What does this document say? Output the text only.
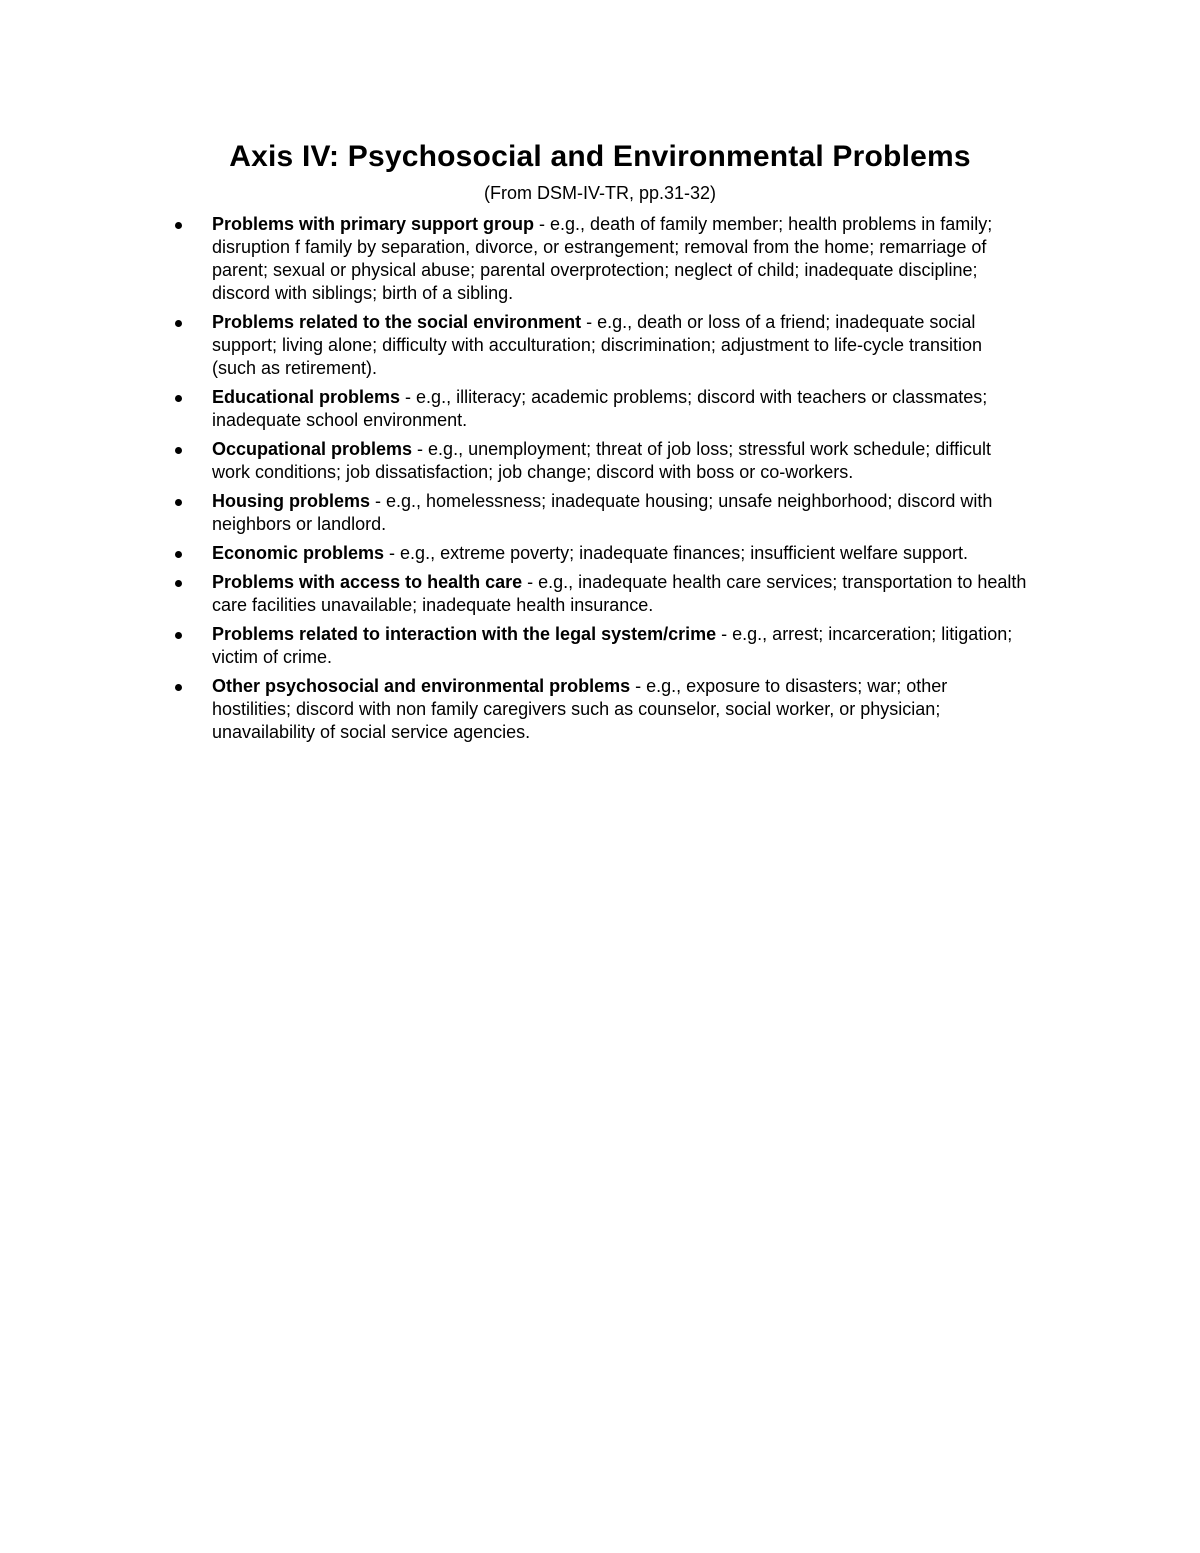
Axis IV: Psychosocial and Environmental Problems

(From DSM-IV-TR, pp.31-32)

Problems with primary support group - e.g., death of family member; health problems in family; disruption f family by separation, divorce, or estrangement; removal from the home; remarriage of parent; sexual or physical abuse; parental overprotection; neglect of child; inadequate discipline; discord with siblings; birth of a sibling.
Problems related to the social environment - e.g., death or loss of a friend; inadequate social support; living alone; difficulty with acculturation; discrimination; adjustment to life-cycle transition (such as retirement).
Educational problems - e.g., illiteracy; academic problems; discord with teachers or classmates; inadequate school environment.
Occupational problems - e.g., unemployment; threat of job loss; stressful work schedule; difficult work conditions; job dissatisfaction; job change; discord with boss or co-workers.
Housing problems - e.g., homelessness; inadequate housing; unsafe neighborhood; discord with neighbors or landlord.
Economic problems - e.g., extreme poverty; inadequate finances; insufficient welfare support.
Problems with access to health care - e.g., inadequate health care services; transportation to health care facilities unavailable; inadequate health insurance.
Problems related to interaction with the legal system/crime - e.g., arrest; incarceration; litigation; victim of crime.
Other psychosocial and environmental problems - e.g., exposure to disasters; war; other hostilities; discord with non family caregivers such as counselor, social worker, or physician; unavailability of social service agencies.
